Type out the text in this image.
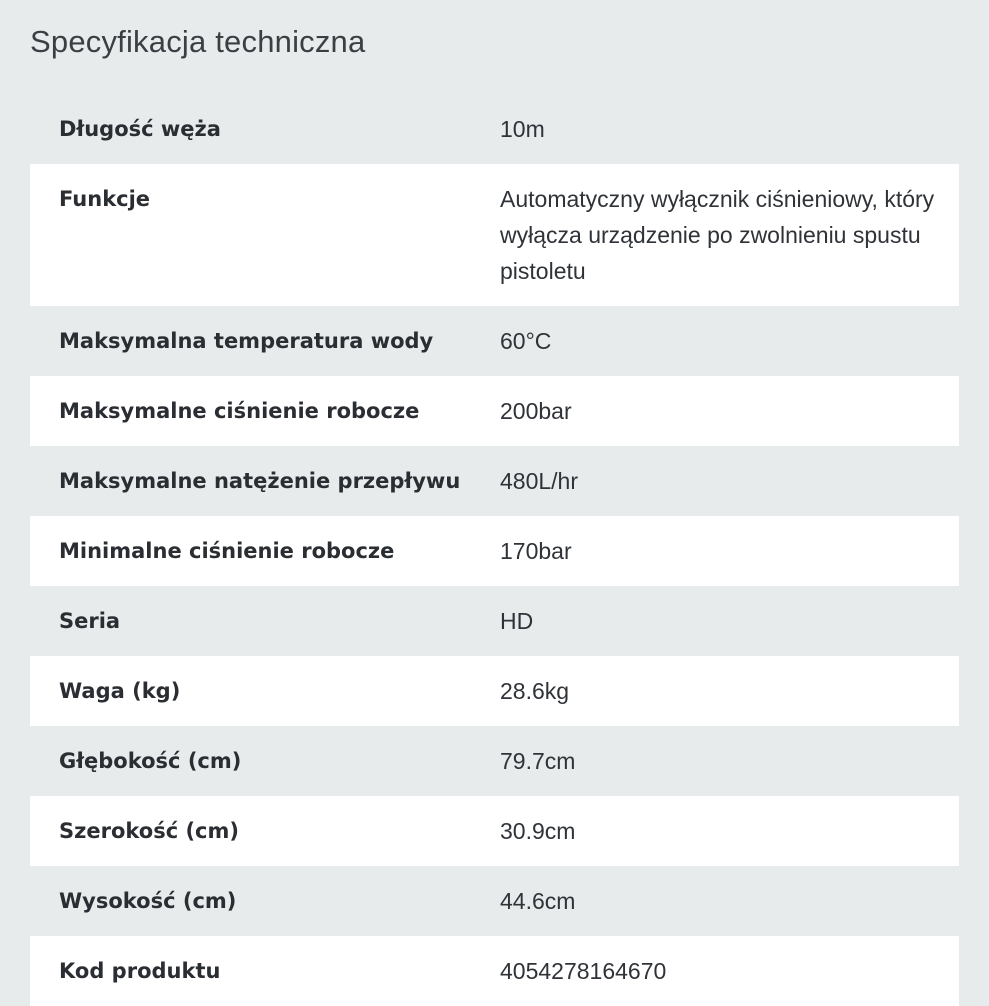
Specyfikacja techniczna
Długość węża	10m
Funkcje	Automatyczny wyłącznik ciśnieniowy, który wyłącza urządzenie po zwolnieniu spustu pistoletu
Maksymalna temperatura wody	60°C
Maksymalne ciśnienie robocze	200bar
Maksymalne natężenie przepływu	480L/hr
Minimalne ciśnienie robocze	170bar
Seria	HD
Waga (kg)	28.6kg
Głębokość (cm)	79.7cm
Szerokość (cm)	30.9cm
Wysokość (cm)	44.6cm
Kod produktu	4054278164670
